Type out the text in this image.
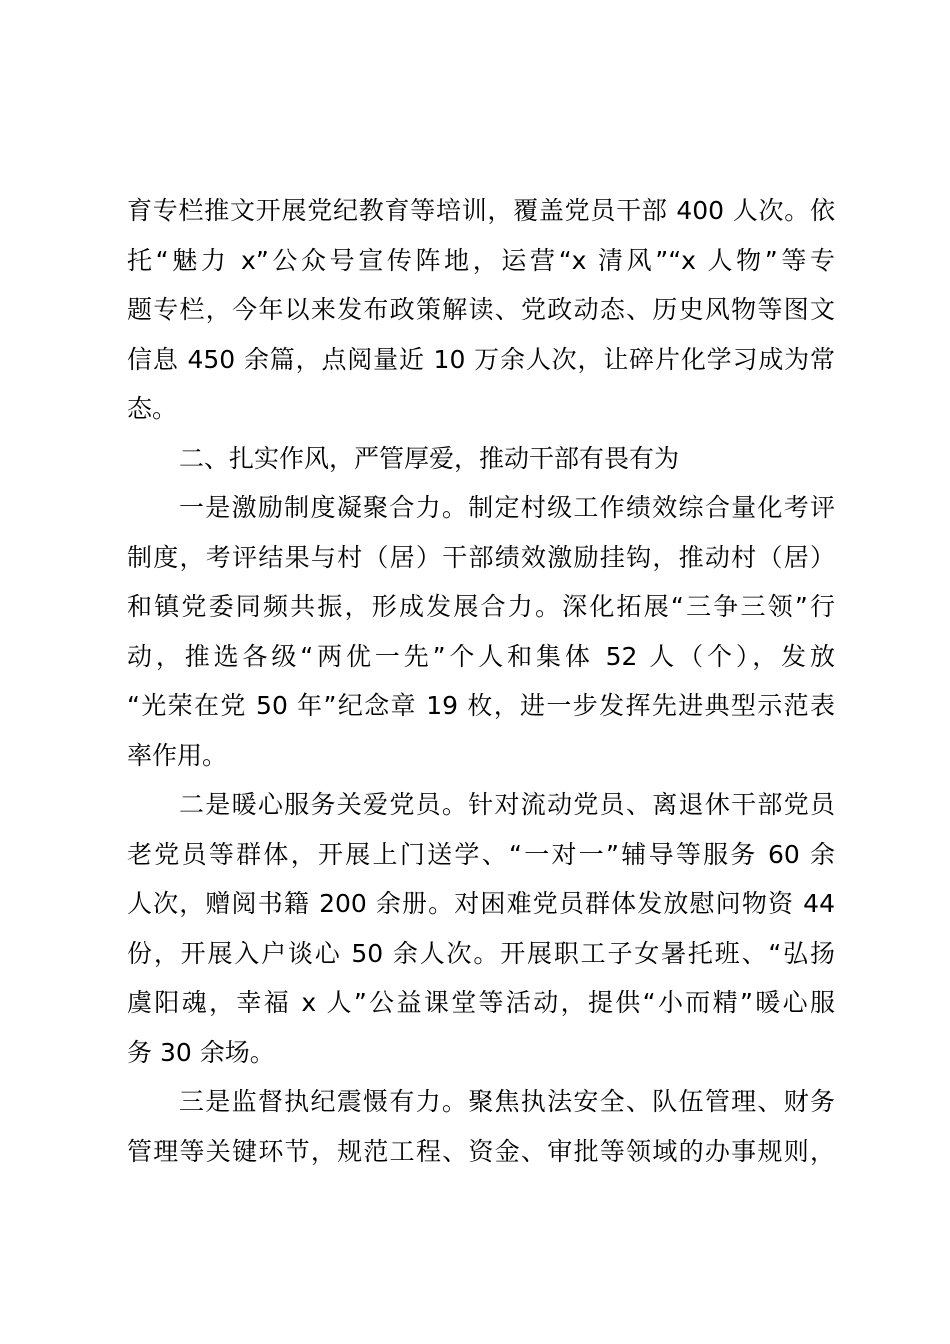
育专栏推文开展党纪教育等培训，覆盖党员干部 400 人次。依
托“魅力 x”公众号宣传阵地，运营“x 清风”“x 人物”等专
题专栏，今年以来发布政策解读、党政动态、历史风物等图文
信息 450 余篇，点阅量近 10 万余人次，让碎片化学习成为常
态。
二、扎实作风，严管厚爱，推动干部有畏有为
一是激励制度凝聚合力。制定村级工作绩效综合量化考评
制度，考评结果与村（居）干部绩效激励挂钩，推动村（居）
和镇党委同频共振，形成发展合力。深化拓展“三争三领”行
动，推选各级“两优一先”个人和集体 52 人（个），发放
“光荣在党 50 年”纪念章 19 枚，进一步发挥先进典型示范表
率作用。
二是暖心服务关爱党员。针对流动党员、离退休干部党员
老党员等群体，开展上门送学、“一对一”辅导等服务 60 余
人次，赠阅书籍 200 余册。对困难党员群体发放慰问物资 44
份，开展入户谈心 50 余人次。开展职工子女暑托班、“弘扬
虞阳魂，幸福 x 人”公益课堂等活动，提供“小而精”暖心服
务 30 余场。
三是监督执纪震慑有力。聚焦执法安全、队伍管理、财务
管理等关键环节，规范工程、资金、审批等领域的办事规则，
